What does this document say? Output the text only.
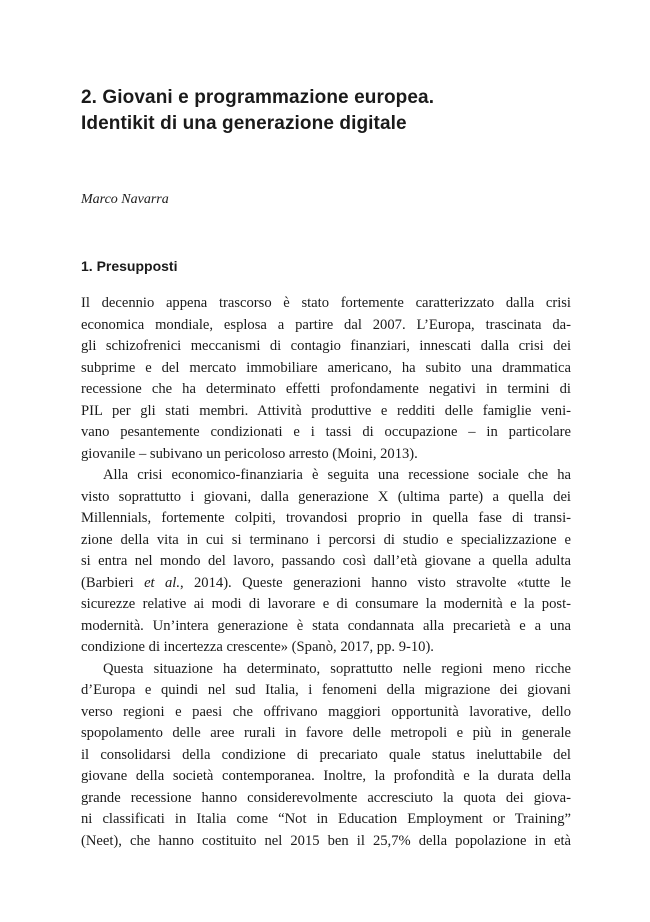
2. Giovani e programmazione europea.
Identikit di una generazione digitale

Marco Navarra

1. Presupposti
Il decennio appena trascorso è stato fortemente caratterizzato dalla crisi
economica mondiale, esplosa a partire dal 2007. L’Europa, trascinata da-
gli schizofrenici meccanismi di contagio finanziari, innescati dalla crisi dei
subprime e del mercato immobiliare americano, ha subito una drammatica
recessione che ha determinato effetti profondamente negativi in termini di
PIL per gli stati membri. Attività produttive e redditi delle famiglie veni-
vano pesantemente condizionati e i tassi di occupazione – in particolare
giovanile – subivano un pericoloso arresto (Moini, 2013).
Alla crisi economico-finanziaria è seguita una recessione sociale che ha
visto soprattutto i giovani, dalla generazione X (ultima parte) a quella dei
Millennials, fortemente colpiti, trovandosi proprio in quella fase di transi-
zione della vita in cui si terminano i percorsi di studio e specializzazione e
si entra nel mondo del lavoro, passando così dall’età giovane a quella adulta
(Barbieri et al., 2014). Queste generazioni hanno visto stravolte «tutte le
sicurezze relative ai modi di lavorare e di consumare la modernità e la post-
modernità. Un’intera generazione è stata condannata alla precarietà e a una
condizione di incertezza crescente» (Spanò, 2017, pp. 9-10).
Questa situazione ha determinato, soprattutto nelle regioni meno ricche
d’Europa e quindi nel sud Italia, i fenomeni della migrazione dei giovani
verso regioni e paesi che offrivano maggiori opportunità lavorative, dello
spopolamento delle aree rurali in favore delle metropoli e più in generale
il consolidarsi della condizione di precariato quale status ineluttabile del
giovane della società contemporanea. Inoltre, la profondità e la durata della
grande recessione hanno considerevolmente accresciuto la quota dei giova-
ni classificati in Italia come “Not in Education Employment or Training”
(Neet), che hanno costituito nel 2015 ben il 25,7% della popolazione in età
